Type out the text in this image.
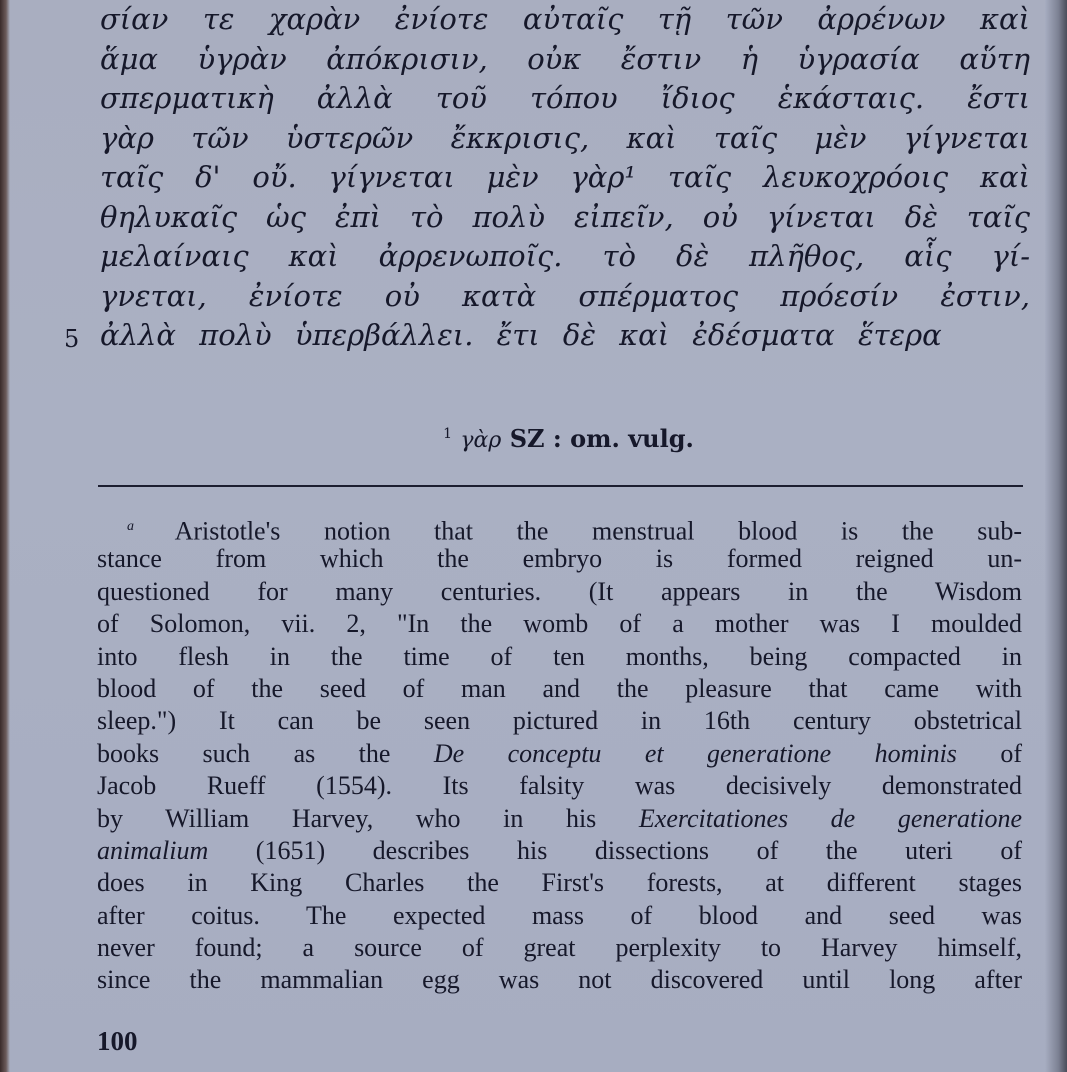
σίαν τε χαρὰν ἐνίοτε αὐταῖς τῇ τῶν ἀρρένων καὶ
ἅμα ὑγρὰν ἀπόκρισιν, οὐκ ἔστιν ἡ ὑγρασία αὕτη
σπερματικὴ ἀλλὰ τοῦ τόπου ἴδιος ἑκάσταις. ἔστι
γὰρ τῶν ὑστερῶν ἔκκρισις, καὶ ταῖς μὲν γίγνεται
ταῖς δ' οὔ. γίγνεται μὲν γὰρ¹ ταῖς λευκοχρόοις καὶ
θηλυκαῖς ὡς ἐπὶ τὸ πολὺ εἰπεῖν, οὐ γίνεται δὲ ταῖς
μελαίναις καὶ ἀρρενωποῖς. τὸ δὲ πλῆθος, αἷς γί-
γνεται, ἐνίοτε οὐ κατὰ σπέρματος πρόεσίν ἐστιν,
ἀλλὰ πολὺ ὑπερβάλλει. ἔτι δὲ καὶ ἐδέσματα ἕτερα
5
$^1$ γὰρ SZ : om. vulg.
$^a$ Aristotle's notion that the menstrual blood is the sub-
stance from which the embryo is formed reigned un-
questioned for many centuries. (It appears in the Wisdom
of Solomon, vii. 2, "In the womb of a mother was I moulded
into flesh in the time of ten months, being compacted in
blood of the seed of man and the pleasure that came with
sleep.") It can be seen pictured in 16th century obstetrical
books such as the De conceptu et generatione hominis of
Jacob Rueff (1554). Its falsity was decisively demonstrated
by William Harvey, who in his Exercitationes de generatione
animalium (1651) describes his dissections of the uteri of
does in King Charles the First's forests, at different stages
after coitus. The expected mass of blood and seed was
never found; a source of great perplexity to Harvey himself,
since the mammalian egg was not discovered until long after
100
